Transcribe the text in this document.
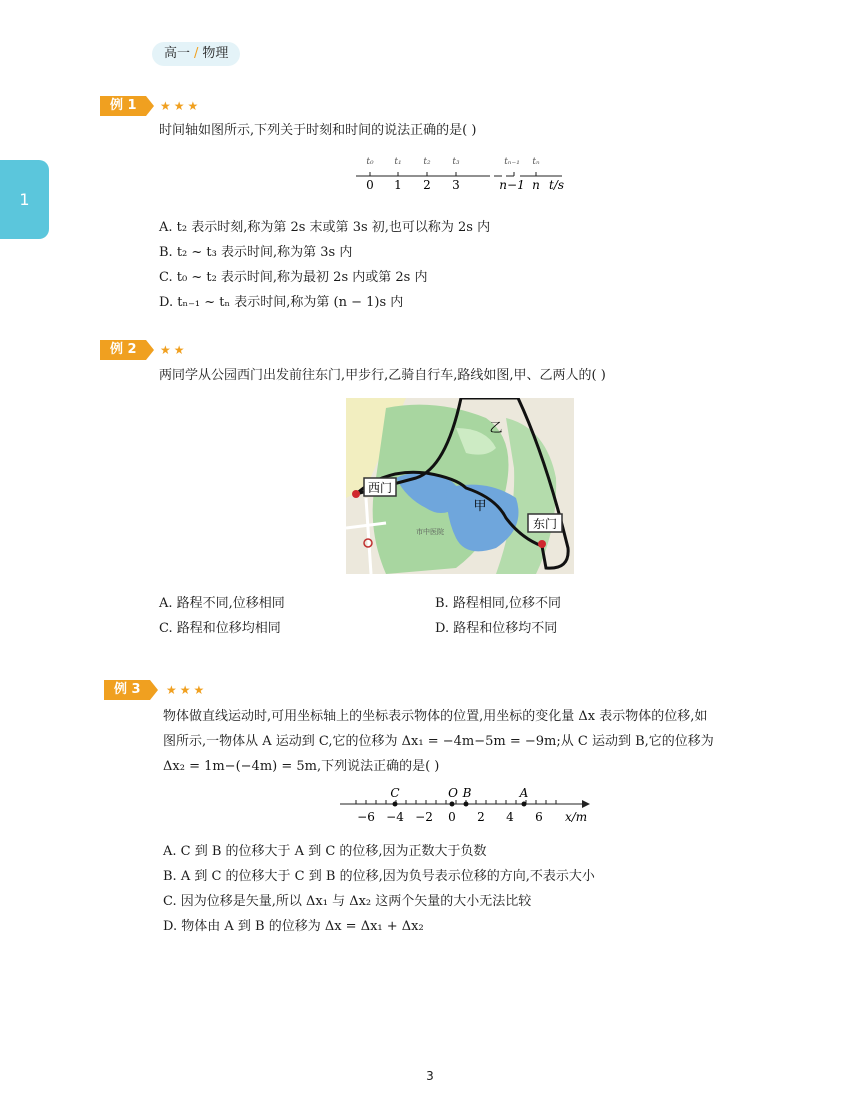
高一 / 物理
1
例 1	★★★
时间轴如图所示,下列关于时刻和时间的说法正确的是( )
t₀ t₁ t₂ t₃	tₙ₋₁ tₙ
0 1 2 3	n−1 n t/s
A. t₂ 表示时刻,称为第 2s 末或第 3s 初,也可以称为 2s 内
B. t₂ ~ t₃ 表示时间,称为第 3s 内
C. t₀ ~ t₂ 表示时间,称为最初 2s 内或第 2s 内
D. tₙ₋₁ ~ tₙ 表示时间,称为第 (n − 1)s 内
例 2	★★
两同学从公园西门出发前往东门,甲步行,乙骑自行车,路线如图,甲、乙两人的( )
西门
东门
甲
乙
市中医院
A. 路程不同,位移相同	B. 路程相同,位移不同
C. 路程和位移均相同	D. 路程和位移均不同
例 3	★★★
物体做直线运动时,可用坐标轴上的坐标表示物体的位置,用坐标的变化量 Δx 表示物体的位移,如
图所示,一物体从 A 运动到 C,它的位移为 Δx₁ = −4m−5m = −9m;从 C 运动到 B,它的位移为
Δx₂ = 1m−(−4m) = 5m,下列说法正确的是( )
C	O B	A
−6 −4 −2 0 2 4 6 x/m
A. C 到 B 的位移大于 A 到 C 的位移,因为正数大于负数
B. A 到 C 的位移大于 C 到 B 的位移,因为负号表示位移的方向,不表示大小
C. 因为位移是矢量,所以 Δx₁ 与 Δx₂ 这两个矢量的大小无法比较
D. 物体由 A 到 B 的位移为 Δx = Δx₁ + Δx₂
3
